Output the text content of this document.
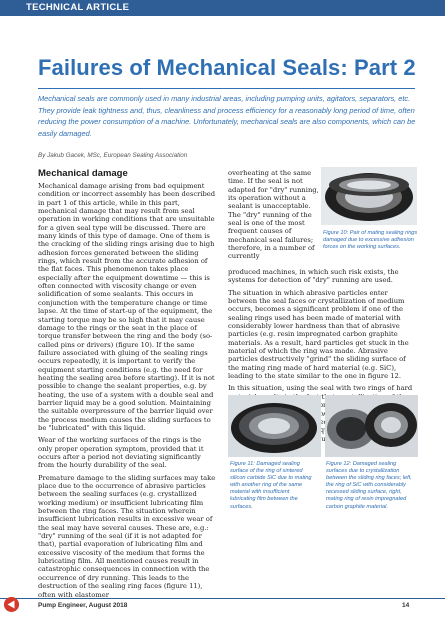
TECHNICAL ARTICLE
Failures of Mechanical Seals: Part 2

Mechanical seals are commonly used in many industrial areas, including pumping units, agitators, separators, etc. They provide leak tightness and, thus, cleanliness and process efficiency for a reasonably long period of time, often reducing the power consumption of a machine. Unfortunately, mechanical seals are also components, which can be easily damaged.

By Jakub Gacek, MSc, European Sealing Association

Mechanical damage

Mechanical damage arising from bad equipment condition or incorrect assembly has been described in part 1 of this article, while in this part, mechanical damage that may result from seal operation in working conditions that are unsuitable for a given seal type will be discussed. There are many kinds of this type of damage. One of them is the cracking of the sliding rings arising due to high adhesion forces generated between the sliding rings, which result from the accurate adhesion of the flat faces. This phenomenon takes place especially after the equipment downtime — this is often connected with viscosity change or even solidification of some sealants. This occurs in conjunction with the temperature change or time lapse. At the time of start-up of the equipment, the starting torque may be so high that it may cause damage to the rings or the seat in the place of torque transfer between the ring and the body (so-called pins or drivers) (figure 10). If the same failure associated with gluing of the sealing rings occurs repeatedly, it is important to verify the equipment starting conditions (e.g. the need for heating the sealing area before starting). If it is not possible to change the sealant properties, e.g. by heating, the use of a system with a double seal and barrier liquid may be a good solution. Maintaining the suitable overpressure of the barrier liquid over the process medium causes the sliding surfaces to be "lubricated" with this liquid.

Wear of the working surfaces of the rings is the only proper operation symptom, provided that it occurs after a period not deviating significantly from the hourly durability of the seal.

Premature damage to the sliding surfaces may take place due to the occurrence of abrasive particles between the sealing surfaces (e.g. crystallized working medium) or insufficient lubricating film between the ring faces. The situation wherein insufficient lubrication results in excessive wear of the seal may have several causes. These are, e.g.: "dry" running of the seal (if it is not adapted for that), partial evaporation of lubricating film and excessive viscosity of the medium that forms the lubricating film. All mentioned causes result in catastrophic consequences in connection with the occurrence of dry running. This leads to the destruction of the sealing ring faces (figure 11), often with elastomer

overheating at the same time. If the seal is not adapted for "dry" running, its operation without a sealant is unacceptable. The "dry" running of the seal is one of the most frequent causes of mechanical seal failures; therefore, in a number of currently

produced machines, in which such risk exists, the systems for detection of "dry" running are used.

The situation in which abrasive particles enter between the seal faces or crystallization of medium occurs, becomes a significant problem if one of the sealing rings used has been made of material with considerably lower hardness than that of abrasive particles (e.g. resin impregnated carbon graphite materials. As a result, hard particles get stuck in the material of which the ring was made. Abrasive particles destructively "grind" the sliding surface of the mating ring made of hard material (e.g. SiC), leading to the state similar to the one in figure 12.

In this situation, using the seal with two rings of hard liquid

Figure 10: Pair of mating sealing rings damaged due to excessive adhesion forces on the working surfaces.

Figure 11: Damaged sealing surface of the ring of sintered silicon carbide SiC due to mating with another ring of the same material with insufficient lubricating film between the surfaces.

Figure 12: Damaged sealing surfaces due to crystallization between the sliding ring faces; left, the ring of SiC with considerably recessed sliding surface, right, mating ring of resin impregnated carbon graphite material.

Pump Engineer, August 2018	14
